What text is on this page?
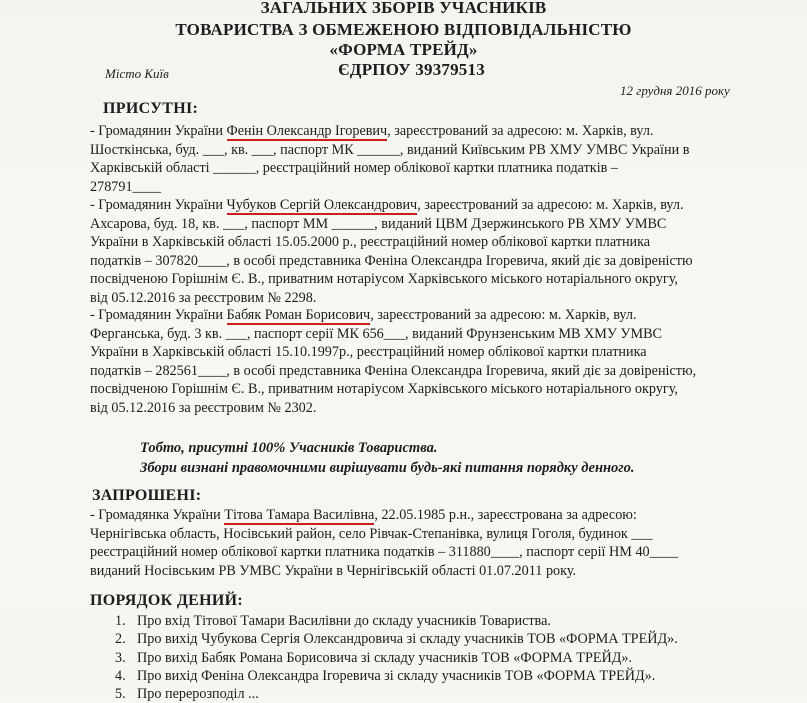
ЗАГАЛЬНИХ ЗБОРІВ УЧАСНИКІВ
ТОВАРИСТВА З ОБМЕЖЕНОЮ ВІДПОВІДАЛЬНІСТЮ
«ФОРМА ТРЕЙД»
ЄДРПОУ 39379513
Місто Київ
12 грудня 2016 року
ПРИСУТНІ:
- Громадянин України Фенін Олександр Ігоревич, зареєстрований за адресою: м. Харків, вул.
Шосткінська, буд. ___, кв. ___, паспорт МК ______, виданий Київським РВ ХМУ УМВС України в
Харківській області ______, реєстраційний номер облікової картки платника податків –
278791____
- Громадянин України Чубуков Сергій Олександрович, зареєстрований за адресою: м. Харків, вул.
Ахсарова, буд. 18, кв. ___, паспорт ММ ______, виданий ЦВМ Дзержинського РВ ХМУ УМВС
України в Харківській області 15.05.2000 р., реєстраційний номер облікової картки платника
податків – 307820____, в особі представника Феніна Олександра Ігоревича, який діє за довіреністю
посвідченою Горішнім Є. В., приватним нотаріусом Харківського міського нотаріального округу,
від 05.12.2016 за реєстровим № 2298.
- Громадянин України Бабяк Роман Борисович, зареєстрований за адресою: м. Харків, вул.
Ферганська, буд. 3 кв. ___, паспорт серії МК 656___, виданий Фрунзенським МВ ХМУ УМВС
України в Харківській області 15.10.1997р., реєстраційний номер облікової картки платника
податків – 282561____, в особі представника Феніна Олександра Ігоревича, який діє за довіреністю,
посвідченою Горішнім Є. В., приватним нотаріусом Харківського міського нотаріального округу,
від 05.12.2016 за реєстровим № 2302.
Тобто, присутні 100% Учасників Товариства.
Збори визнані правомочними вирішувати будь-які питання порядку денного.
ЗАПРОШЕНІ:
- Громадянка України Тітова Тамара Василівна, 22.05.1985 р.н., зареєстрована за адресою:
Чернігівська область, Носівський район, село Рівчак-Степанівка, вулиця Гоголя, будинок ___
реєстраційний номер облікової картки платника податків – 311880____, паспорт серії НМ 40____
виданий Носівським РВ УМВС України в Чернігівській області 01.07.2011 року.
ПОРЯДОК ДЕНИЙ:
1. Про вхід Тітової Тамари Василівни до складу учасників Товариства.
2. Про вихід Чубукова Сергія Олександровича зі складу учасників ТОВ «ФОРМА ТРЕЙД».
3. Про вихід Бабяк Романа Борисовича зі складу учасників ТОВ «ФОРМА ТРЕЙД».
4. Про вихід Феніна Олександра Ігоревича зі складу учасників ТОВ «ФОРМА ТРЕЙД».
5. Про перерозподіл ...
